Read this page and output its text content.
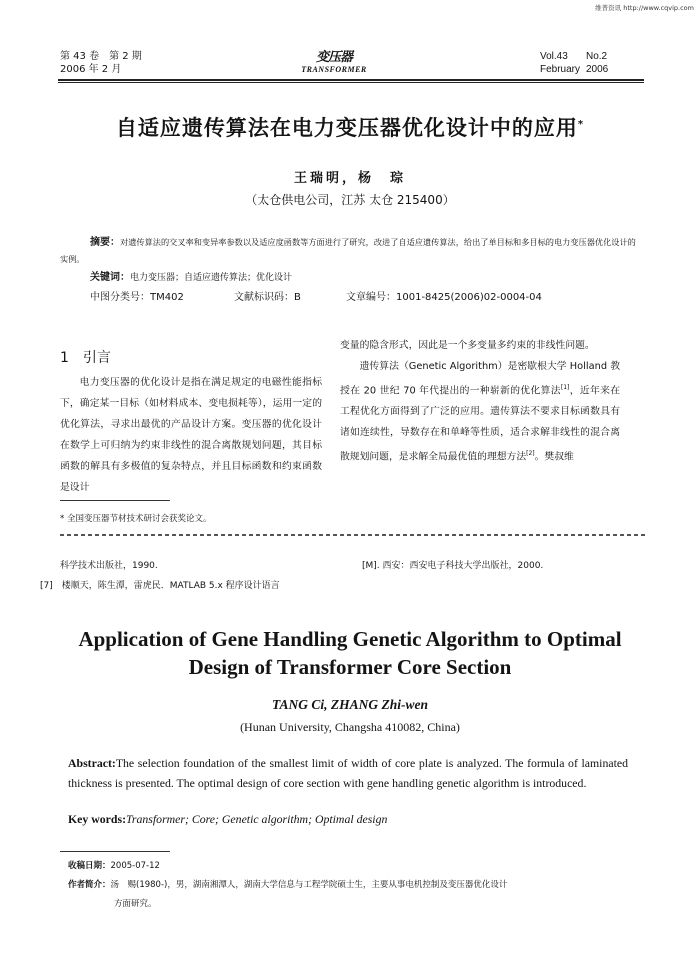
维普资讯 http://www.cqvip.com
第 43 卷　第 2 期
2006 年 2 月
变压器
TRANSFORMER
Vol.43 No.2
February 2006
自适应遗传算法在电力变压器优化设计中的应用*
王瑞明，杨　琮
（太仓供电公司，江苏 太仓 215400）
摘要：对遗传算法的交叉率和变异率参数以及适应度函数等方面进行了研究，改进了自适应遗传算法，给出了单目标和多目标的电力变压器优化设计的实例。
关键词：电力变压器；自适应遗传算法；优化设计
中图分类号：TM402	文献标识码：B	文章编号：1001-8425(2006)02-0004-04
1　引言

电力变压器的优化设计是指在满足规定的电磁性能指标下，确定某一目标（如材料成本、变电损耗等），运用一定的优化算法，寻求出最优的产品设计方案。变压器的优化设计在数学上可归纳为约束非线性的混合离散规划问题，其目标函数的解具有多极值的复杂特点，并且目标函数和约束函数是设计

变量的隐含形式，因此是一个多变量多约束的非线性问题。

遗传算法（Genetic Algorithm）是密歇根大学 Holland 教授在 20 世纪 70 年代提出的一种崭新的优化算法[1]，近年来在工程优化方面得到了广泛的应用。遗传算法不要求目标函数具有诸如连续性，导数存在和单峰等性质，适合求解非线性的混合离散规划问题，是求解全局最优值的理想方法[2]。樊叔维

* 全国变压器节材技术研讨会获奖论文。
科学技术出版社，1990.
[7]　楼顺天，陈生潭，雷虎民．MATLAB 5.x 程序设计语言
[M]. 西安：西安电子科技大学出版社，2000.
Application of Gene Handling Genetic Algorithm to Optimal
Design of Transformer Core Section
TANG Ci, ZHANG Zhi-wen
(Hunan University, Changsha 410082, China)
Abstract:The selection foundation of the smallest limit of width of core plate is analyzed. The formula of laminated thickness is presented. The optimal design of core section with gene handling genetic algorithm is introduced.
Key words:Transformer; Core; Genetic algorithm; Optimal design
收稿日期：2005-07-12
作者简介：汤　赐(1980-)，男，湖南湘潭人，湖南大学信息与工程学院硕士生，主要从事电机控制及变压器优化设计
方面研究。
